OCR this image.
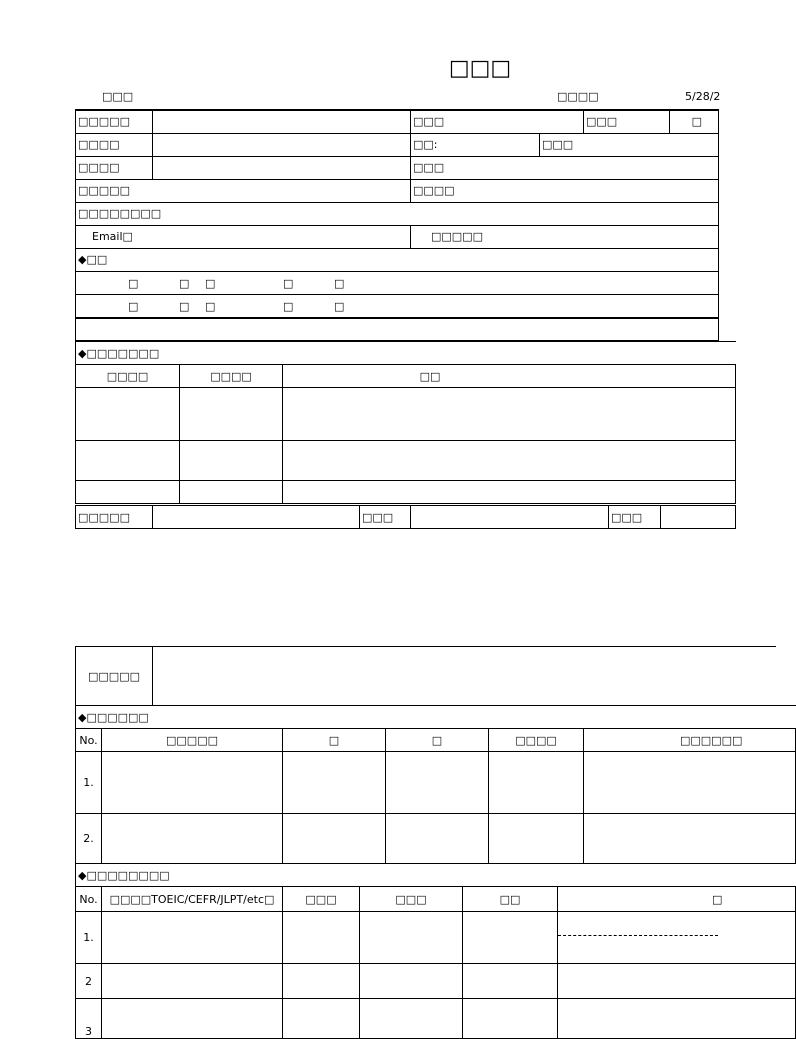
□□□
□□□	□□□□	5/28/2
□□□□□		□□□		□□□	□
□□□□		□□:	□□□		
□□□□		□□□			
□□□□□		□□□□			
□□□□□□□□					
Email□		□□□□□			
◆□□					

□ □ □ □ □					

□ □ □ □ □					

◆□□□□□□□		
□□□□	□□□□	□□

□□□□□		□□□		□□□	
□□□□□	
◆□□□□□□					
No.	□□□□□	□	□	□□□□	□□□□□□
1.					
2.					
◆□□□□□□□□					
No.	□□□□TOEIC/CEFR/JLPT/etc□	□□□	□□□	□□	□
1.					
2					
3					
